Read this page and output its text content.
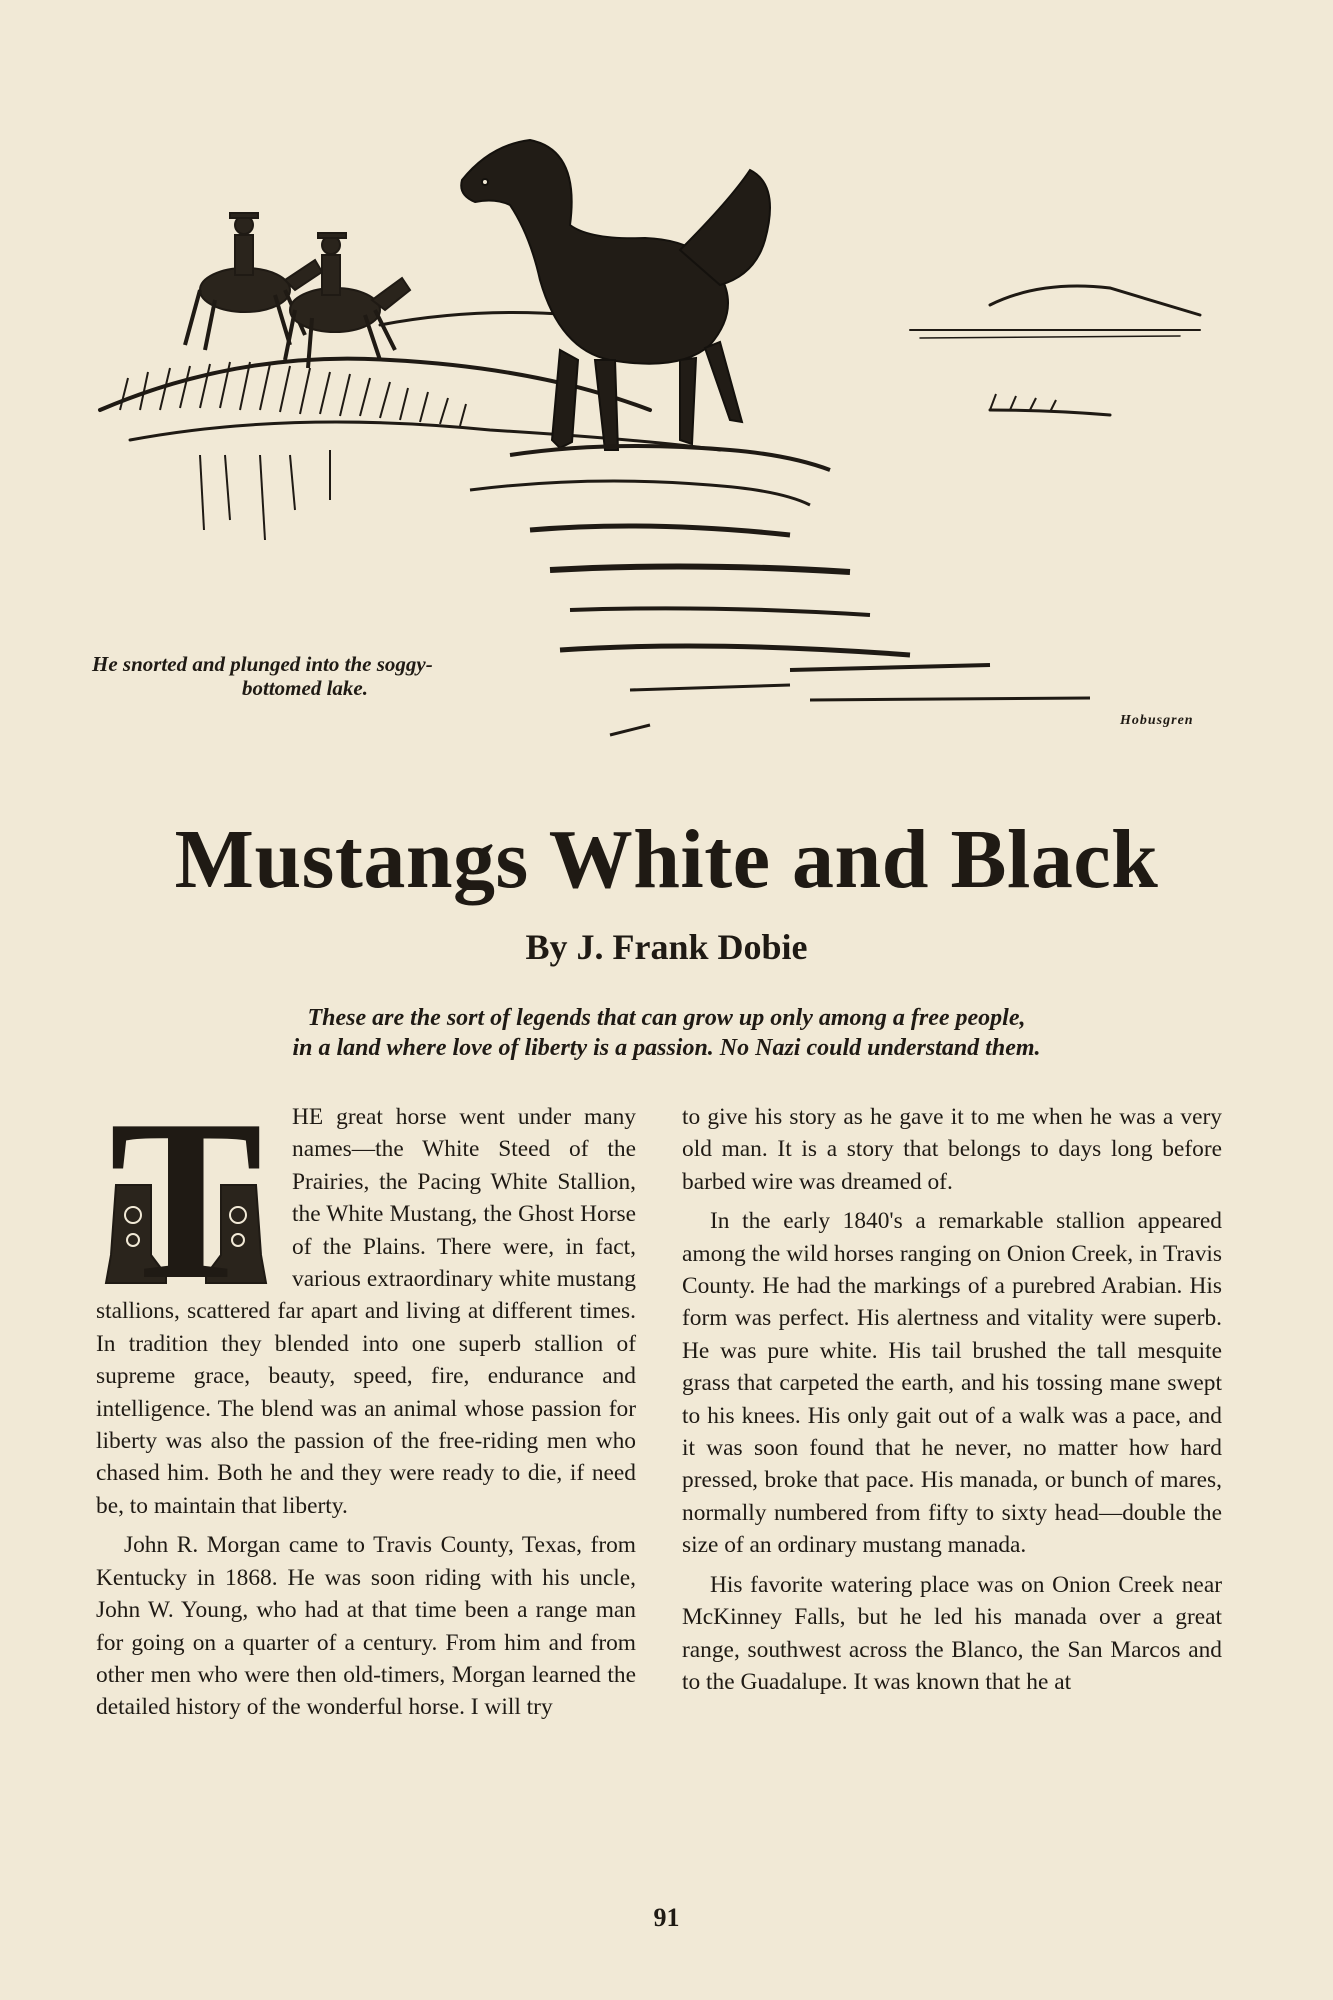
He snorted and plunged into the soggy-
bottomed lake.
Hobusgren
Mustangs White and Black
By J. Frank Dobie
These are the sort of legends that can grow up only among a free people,
in a land where love of liberty is a passion. No Nazi could understand them.
T	HE great horse went under many names—the White Steed of the Prairies, the Pacing White Stallion, the White Mustang, the Ghost Horse of the Plains. There were, in fact, various extraordinary white mustang stallions, scattered far apart and living at different times. In tradition they blended into one superb stallion of supreme grace, beauty, speed, fire, endurance and intelligence. The blend was an animal whose passion for liberty was also the passion of the free-riding men who chased him. Both he and they were ready to die, if need be, to maintain that liberty.

John R. Morgan came to Travis County, Texas, from Kentucky in 1868. He was soon riding with his uncle, John W. Young, who had at that time been a range man for going on a quarter of a century. From him and from other men who were then old-timers, Morgan learned the detailed history of the wonderful horse. I will try

to give his story as he gave it to me when he was a very old man. It is a story that belongs to days long before barbed wire was dreamed of.

In the early 1840's a remarkable stallion appeared among the wild horses ranging on Onion Creek, in Travis County. He had the markings of a purebred Arabian. His form was perfect. His alertness and vitality were superb. He was pure white. His tail brushed the tall mesquite grass that carpeted the earth, and his tossing mane swept to his knees. His only gait out of a walk was a pace, and it was soon found that he never, no matter how hard pressed, broke that pace. His manada, or bunch of mares, normally numbered from fifty to sixty head—double the size of an ordinary mustang manada.

His favorite watering place was on Onion Creek near McKinney Falls, but he led his manada over a great range, southwest across the Blanco, the San Marcos and to the Guadalupe. It was known that he at

91
